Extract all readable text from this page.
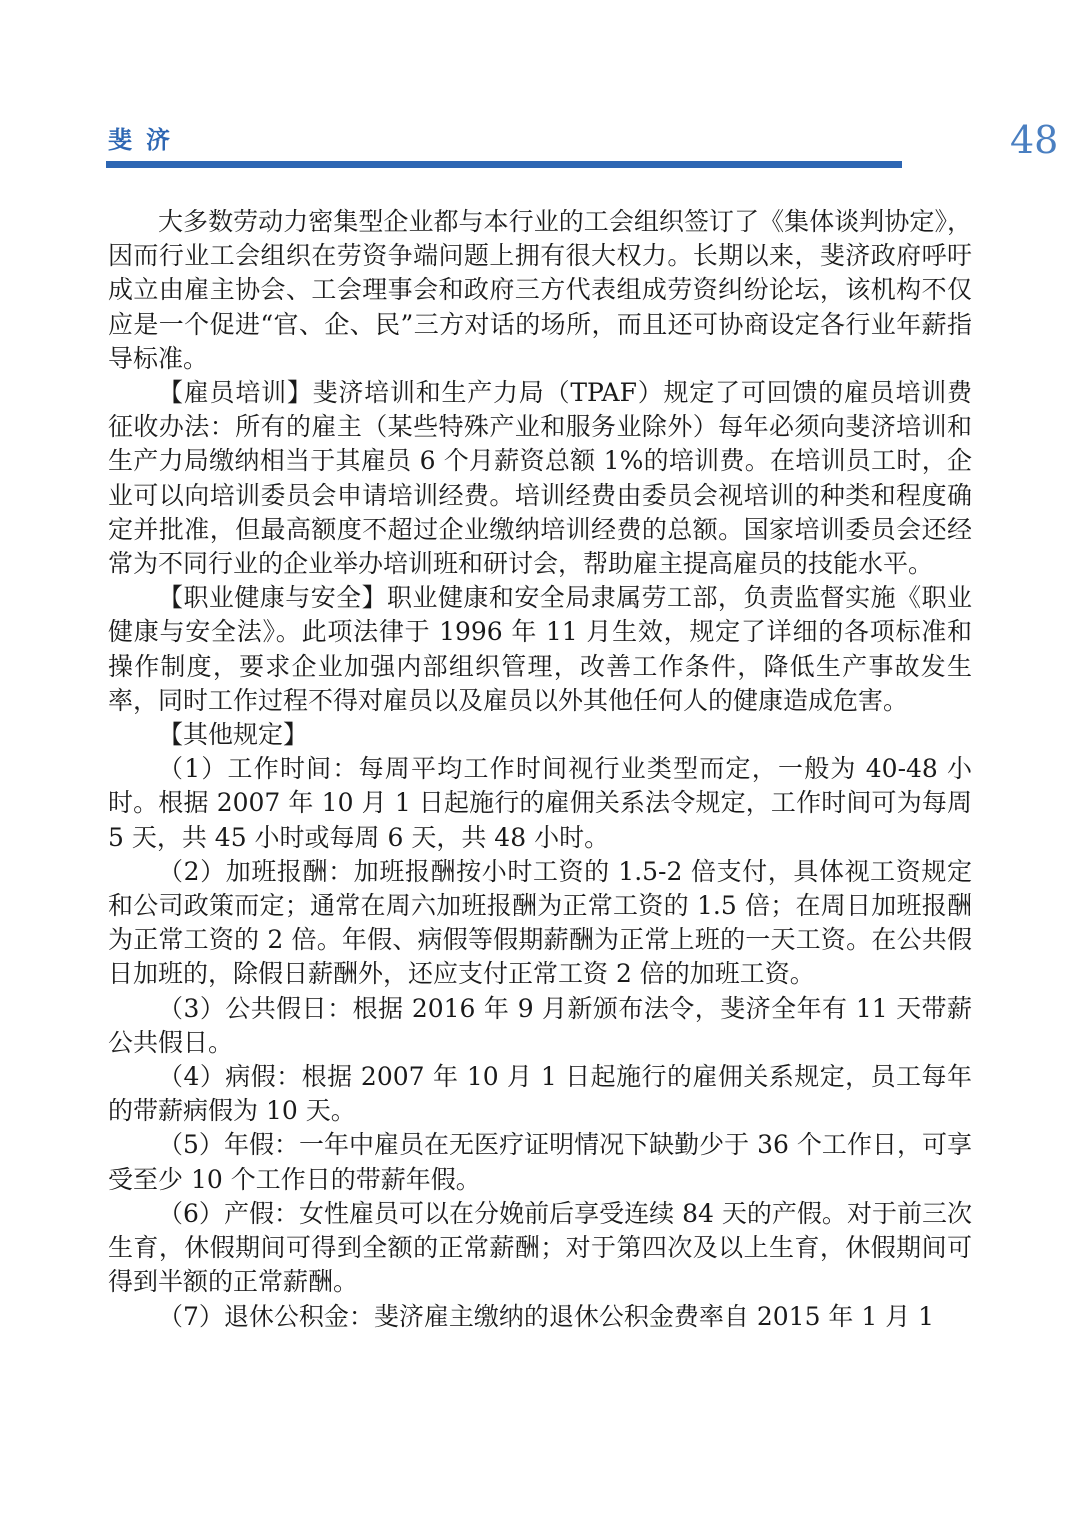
斐济	48

大多数劳动力密集型企业都与本行业的工会组织签订了《集体谈判协定》，因而行业工会组织在劳资争端问题上拥有很大权力。长期以来，斐济政府呼吁成立由雇主协会、工会理事会和政府三方代表组成劳资纠纷论坛，该机构不仅应是一个促进“官、企、民”三方对话的场所，而且还可协商设定各行业年薪指导标准。

【雇员培训】斐济培训和生产力局（TPAF）规定了可回馈的雇员培训费征收办法：所有的雇主（某些特殊产业和服务业除外）每年必须向斐济培训和生产力局缴纳相当于其雇员 6 个月薪资总额 1%的培训费。在培训员工时，企业可以向培训委员会申请培训经费。培训经费由委员会视培训的种类和程度确定并批准，但最高额度不超过企业缴纳培训经费的总额。国家培训委员会还经常为不同行业的企业举办培训班和研讨会，帮助雇主提高雇员的技能水平。

【职业健康与安全】职业健康和安全局隶属劳工部，负责监督实施《职业健康与安全法》。此项法律于 1996 年 11 月生效，规定了详细的各项标准和操作制度，要求企业加强内部组织管理，改善工作条件，降低生产事故发生率，同时工作过程不得对雇员以及雇员以外其他任何人的健康造成危害。

【其他规定】

（1）工作时间：每周平均工作时间视行业类型而定，一般为 40-48 小时。根据 2007 年 10 月 1 日起施行的雇佣关系法令规定，工作时间可为每周 5 天，共 45 小时或每周 6 天，共 48 小时。

（2）加班报酬：加班报酬按小时工资的 1.5-2 倍支付，具体视工资规定和公司政策而定；通常在周六加班报酬为正常工资的 1.5 倍；在周日加班报酬为正常工资的 2 倍。年假、病假等假期薪酬为正常上班的一天工资。在公共假日加班的，除假日薪酬外，还应支付正常工资 2 倍的加班工资。

（3）公共假日：根据 2016 年 9 月新颁布法令，斐济全年有 11 天带薪公共假日。

（4）病假：根据 2007 年 10 月 1 日起施行的雇佣关系规定，员工每年的带薪病假为 10 天。

（5）年假：一年中雇员在无医疗证明情况下缺勤少于 36 个工作日，可享受至少 10 个工作日的带薪年假。

（6）产假：女性雇员可以在分娩前后享受连续 84 天的产假。对于前三次生育，休假期间可得到全额的正常薪酬；对于第四次及以上生育，休假期间可得到半额的正常薪酬。

（7）退休公积金：斐济雇主缴纳的退休公积金费率自 2015 年 1 月 1
